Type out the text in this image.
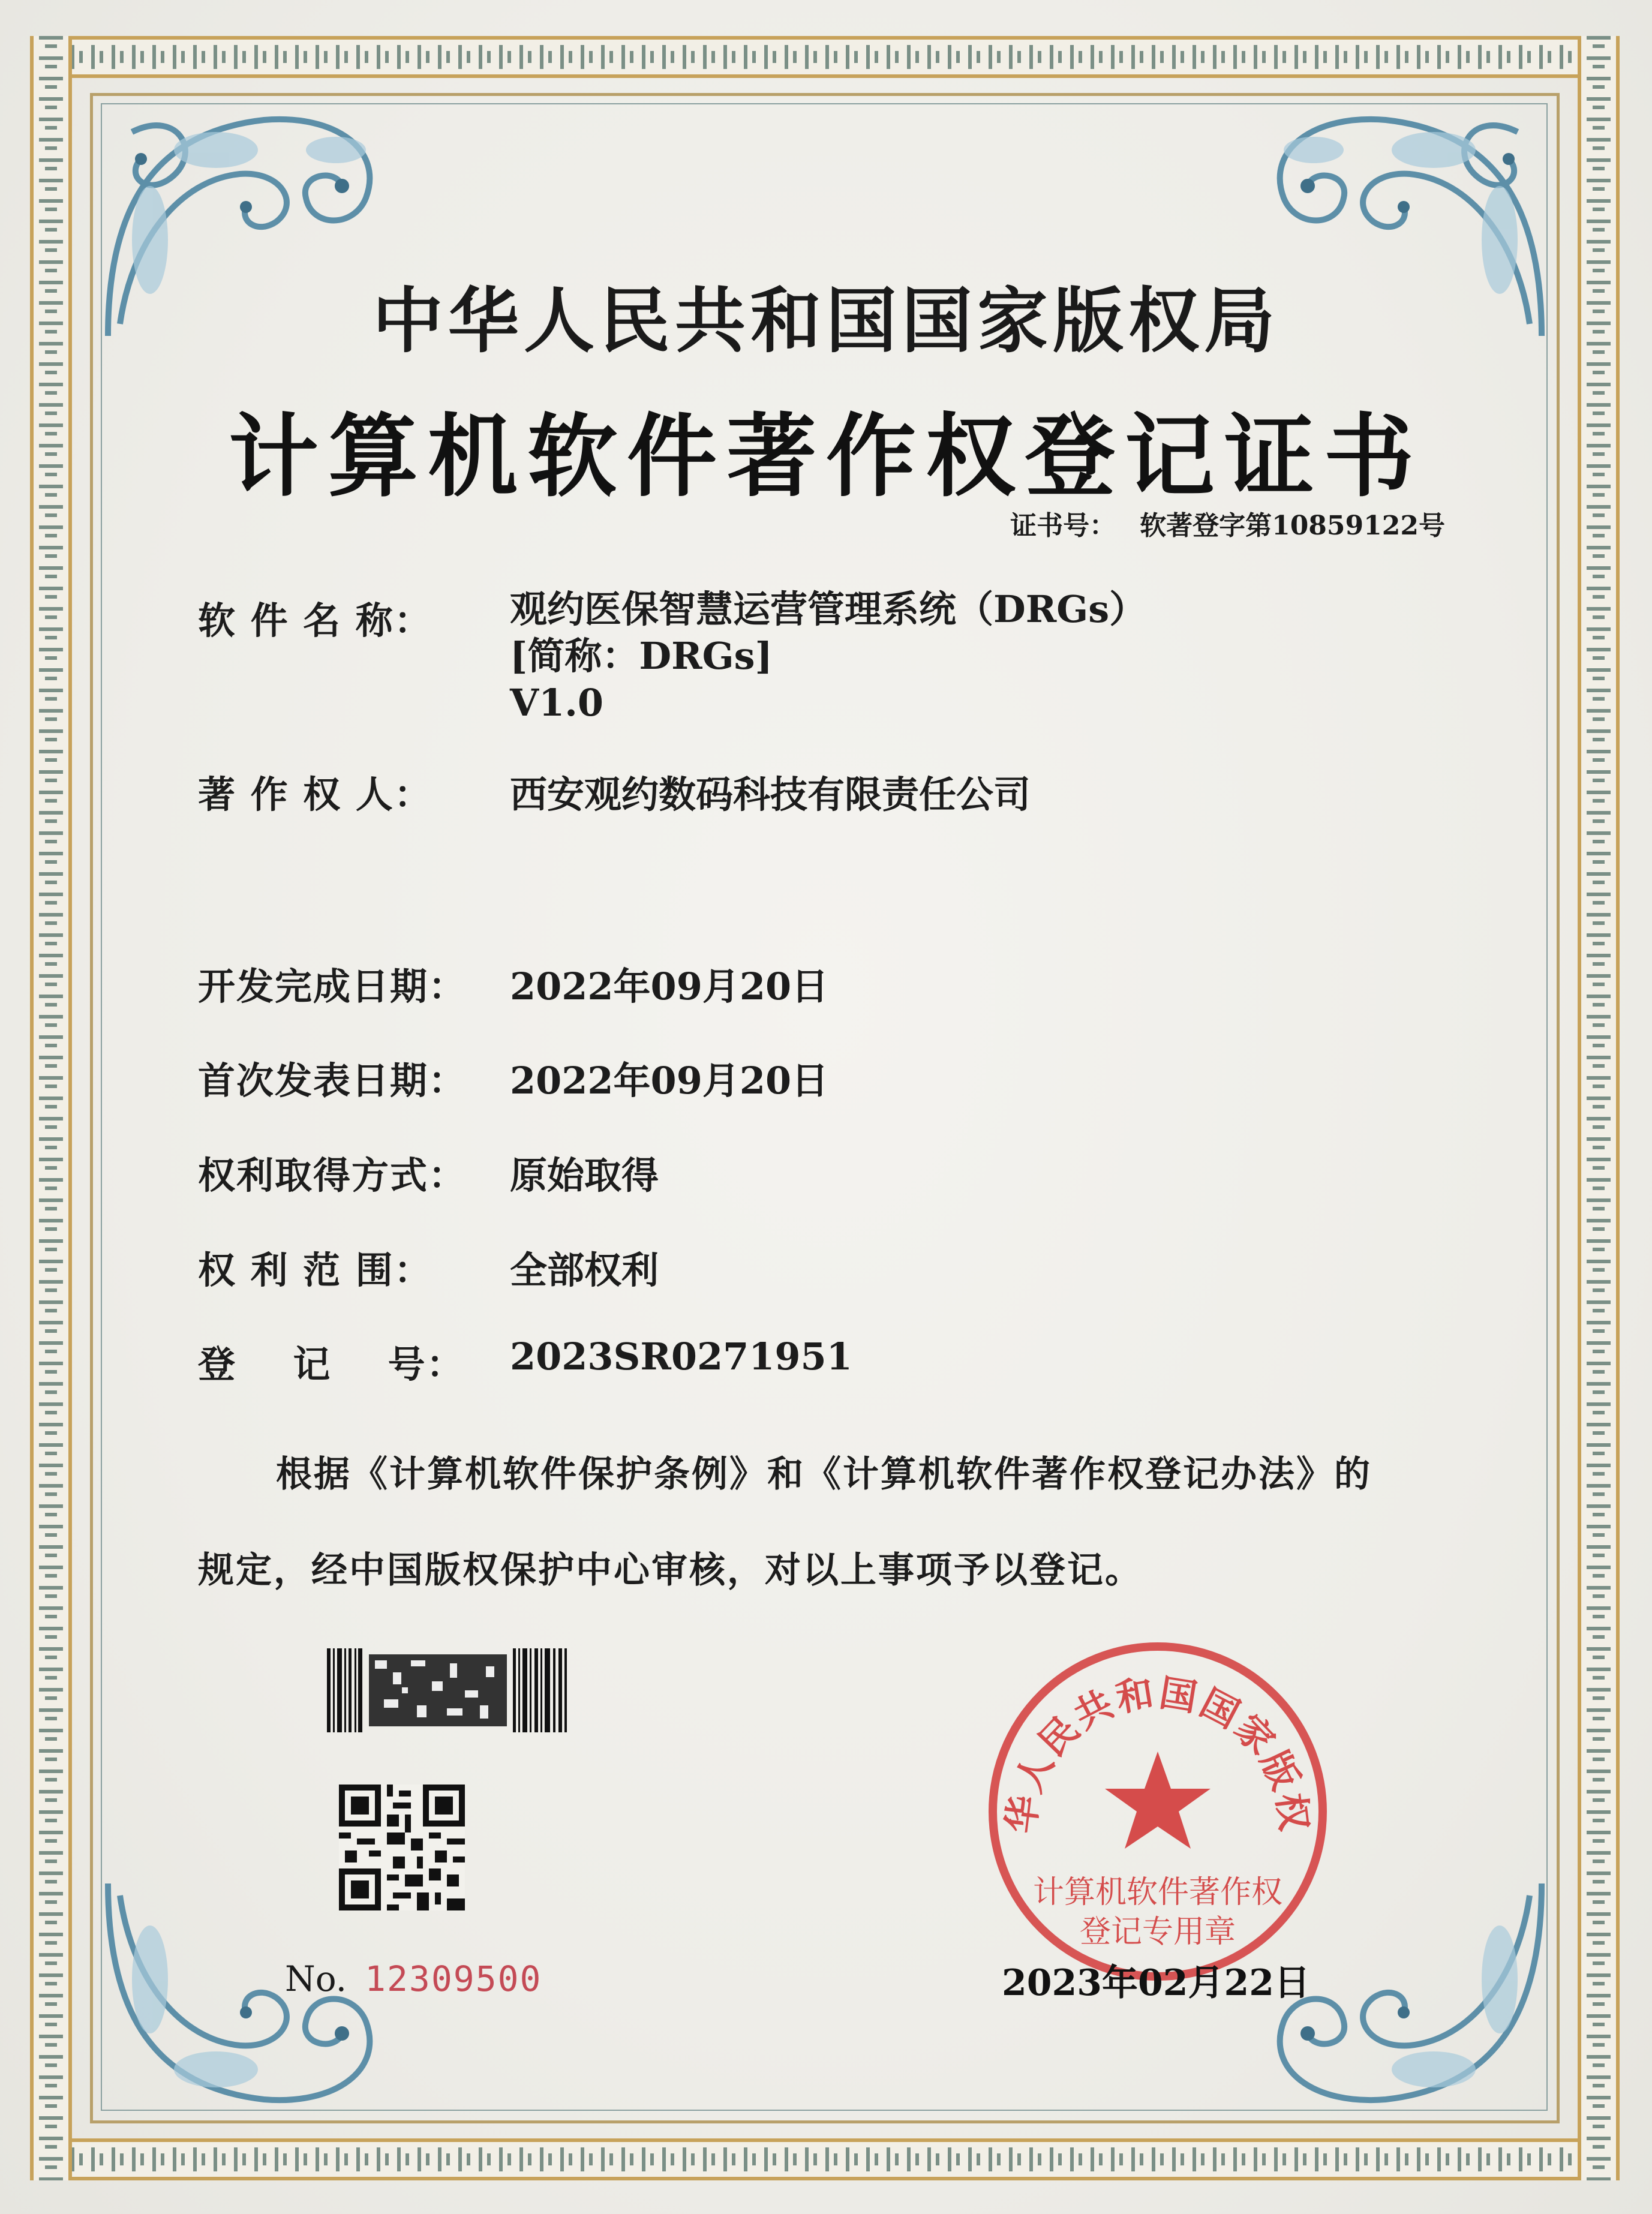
中华人民共和国国家版权局
计算机软件著作权登记证书
证书号： 软著登字第10859122号
软 件 名 称： 观约医保智慧运营管理系统（DRGs）
[简称：DRGs]
V1.0
著 作 权 人： 西安观约数码科技有限责任公司
开发完成日期： 2022年09月20日
首次发表日期： 2022年09月20日
权利取得方式： 原始取得
权 利 范 围： 全部权利
登    记    号： 2023SR0271951
根据《计算机软件保护条例》和《计算机软件著作权登记办法》的
规定，经中国版权保护中心审核，对以上事项予以登记。
No. 12309500
华人民共和国国家版权
计算机软件著作权
登记专用章
2023年02月22日
